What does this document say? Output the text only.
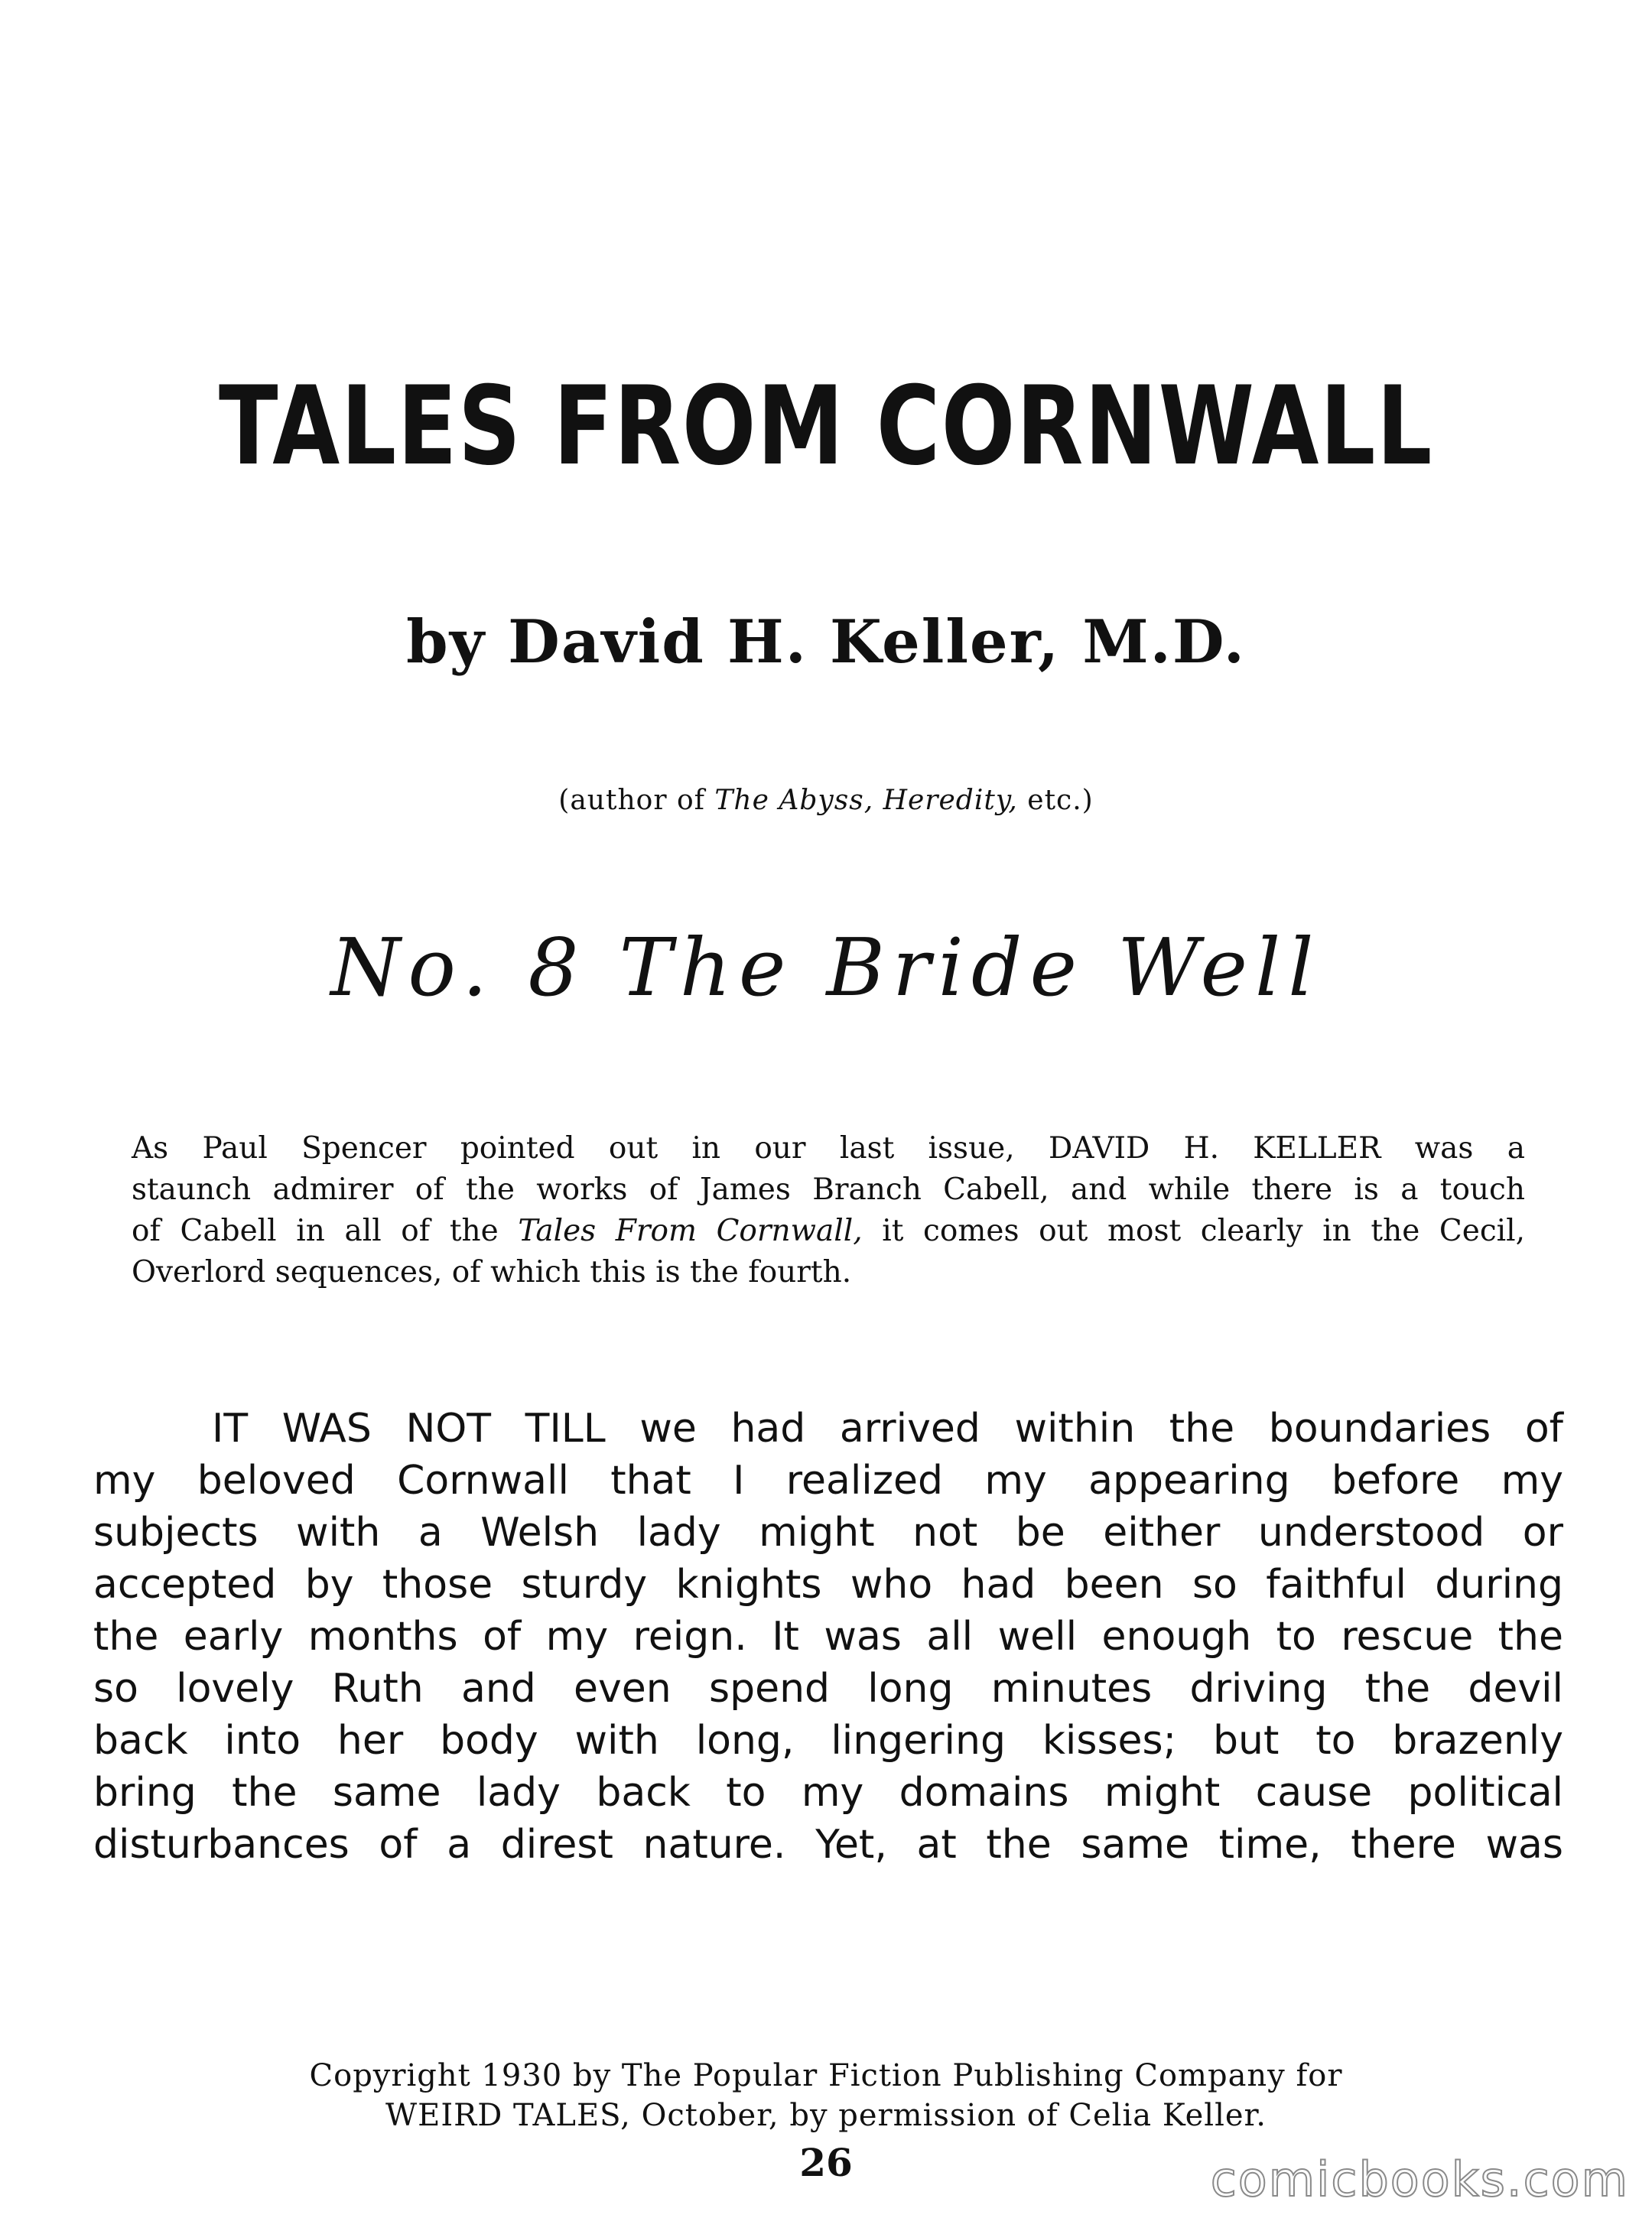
TALES FROM CORNWALL
by David H. Keller, M.D.
(author of The Abyss, Heredity, etc.)
No. 8 The Bride Well
As Paul Spencer pointed out in our last issue, DAVID H. KELLER was a
staunch admirer of the works of James Branch Cabell, and while there is a touch
of Cabell in all of the Tales From Cornwall, it comes out most clearly in the Cecil,
Overlord sequences, of which this is the fourth.
IT WAS NOT TILL we had arrived within the boundaries of
my beloved Cornwall that I realized my appearing before my
subjects with a Welsh lady might not be either understood or
accepted by those sturdy knights who had been so faithful during
the early months of my reign. It was all well enough to rescue the
so lovely Ruth and even spend long minutes driving the devil
back into her body with long, lingering kisses; but to brazenly
bring the same lady back to my domains might cause political
disturbances of a direst nature. Yet, at the same time, there was
Copyright 1930 by The Popular Fiction Publishing Company for
WEIRD TALES, October, by permission of Celia Keller.
26	comicbooks.com
